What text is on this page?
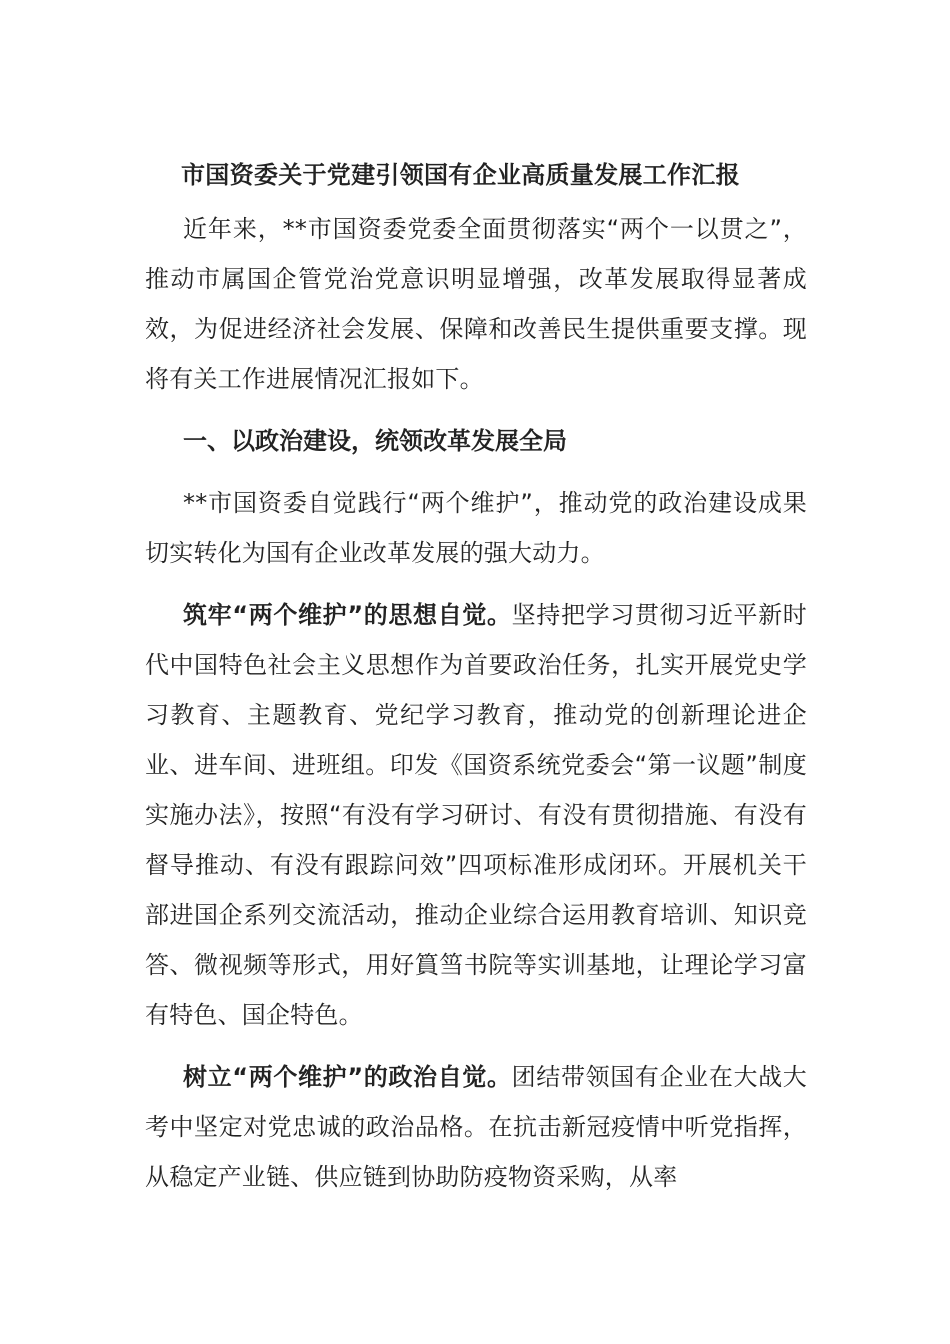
市国资委关于党建引领国有企业高质量发展工作汇报

近年来，**市国资委党委全面贯彻落实“两个一以贯之”，推动市属国企管党治党意识明显增强，改革发展取得显著成效，为促进经济社会发展、保障和改善民生提供重要支撑。现将有关工作进展情况汇报如下。

一、以政治建设，统领改革发展全局

**市国资委自觉践行“两个维护”，推动党的政治建设成果切实转化为国有企业改革发展的强大动力。

筑牢“两个维护”的思想自觉。坚持把学习贯彻习近平新时代中国特色社会主义思想作为首要政治任务，扎实开展党史学习教育、主题教育、党纪学习教育，推动党的创新理论进企业、进车间、进班组。印发《国资系统党委会“第一议题”制度实施办法》，按照“有没有学习研讨、有没有贯彻措施、有没有督导推动、有没有跟踪问效”四项标准形成闭环。开展机关干部进国企系列交流活动，推动企业综合运用教育培训、知识竞答、微视频等形式，用好篔筜书院等实训基地，让理论学习富有特色、国企特色。

树立“两个维护”的政治自觉。团结带领国有企业在大战大考中坚定对党忠诚的政治品格。在抗击新冠疫情中听党指挥，从稳定产业链、供应链到协助防疫物资采购，从率
